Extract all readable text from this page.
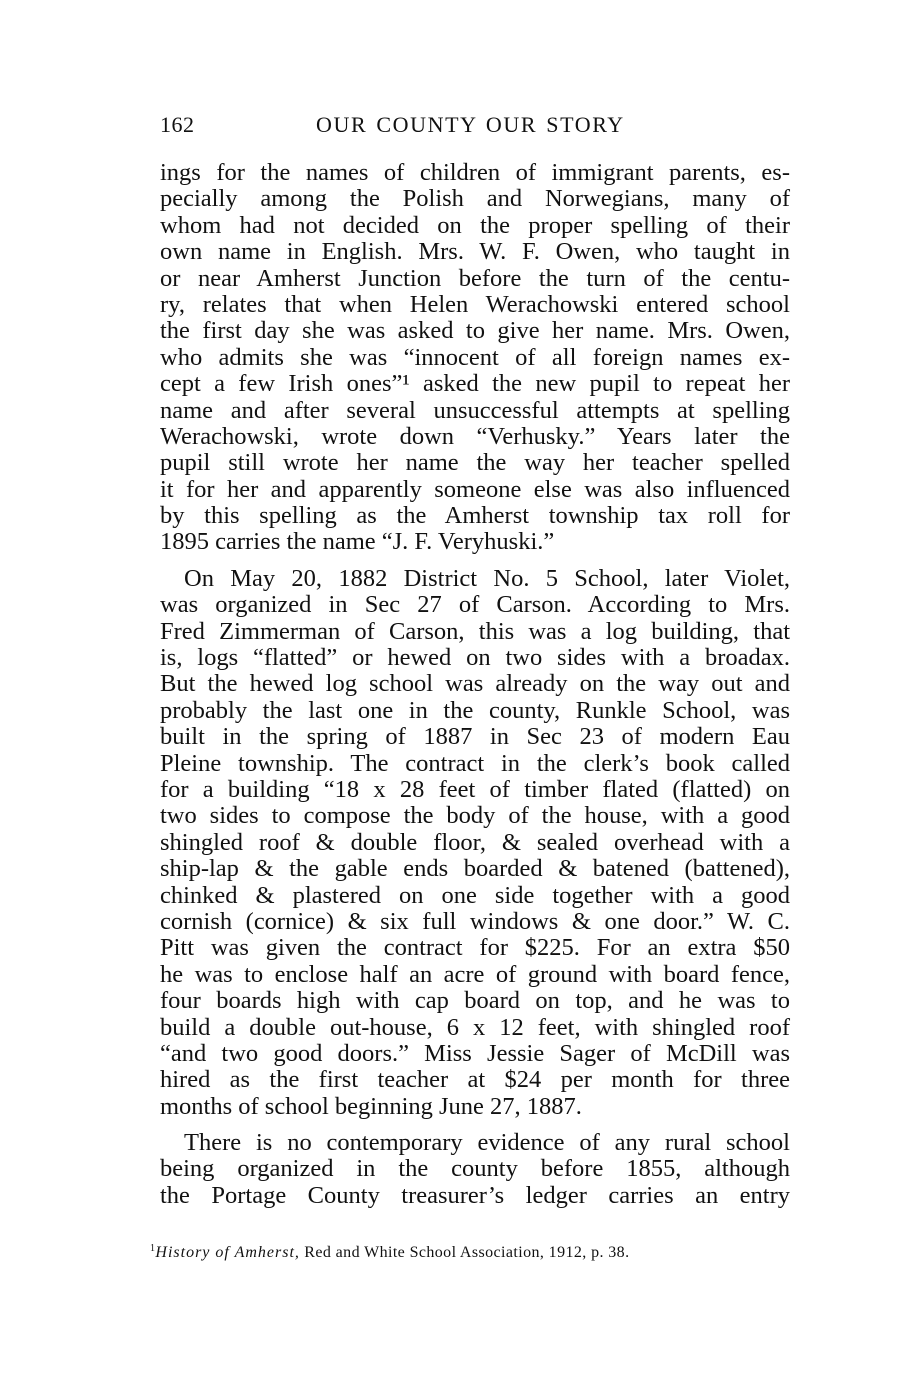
162	OUR COUNTY OUR STORY
ings for the names of children of immigrant parents, es-
pecially among the Polish and Norwegians, many of
whom had not decided on the proper spelling of their
own name in English. Mrs. W. F. Owen, who taught in
or near Amherst Junction before the turn of the centu-
ry, relates that when Helen Werachowski entered school
the first day she was asked to give her name. Mrs. Owen,
who admits she was “innocent of all foreign names ex-
cept a few Irish ones”¹ asked the new pupil to repeat her
name and after several unsuccessful attempts at spelling
Werachowski, wrote down “Verhusky.” Years later the
pupil still wrote her name the way her teacher spelled
it for her and apparently someone else was also influenced
by this spelling as the Amherst township tax roll for
1895 carries the name “J. F. Veryhuski.”
On May 20, 1882 District No. 5 School, later Violet,
was organized in Sec 27 of Carson. According to Mrs.
Fred Zimmerman of Carson, this was a log building, that
is, logs “flatted” or hewed on two sides with a broadax.
But the hewed log school was already on the way out and
probably the last one in the county, Runkle School, was
built in the spring of 1887 in Sec 23 of modern Eau
Pleine township. The contract in the clerk’s book called
for a building “18 x 28 feet of timber flated (flatted) on
two sides to compose the body of the house, with a good
shingled roof & double floor, & sealed overhead with a
ship-lap & the gable ends boarded & batened (battened),
chinked & plastered on one side together with a good
cornish (cornice) & six full windows & one door.” W. C.
Pitt was given the contract for $225. For an extra $50
he was to enclose half an acre of ground with board fence,
four boards high with cap board on top, and he was to
build a double out-house, 6 x 12 feet, with shingled roof
“and two good doors.” Miss Jessie Sager of McDill was
hired as the first teacher at $24 per month for three
months of school beginning June 27, 1887.
There is no contemporary evidence of any rural school
being organized in the county before 1855, although
the Portage County treasurer’s ledger carries an entry
$^1$History of Amherst, Red and White School Association, 1912, p. 38.
